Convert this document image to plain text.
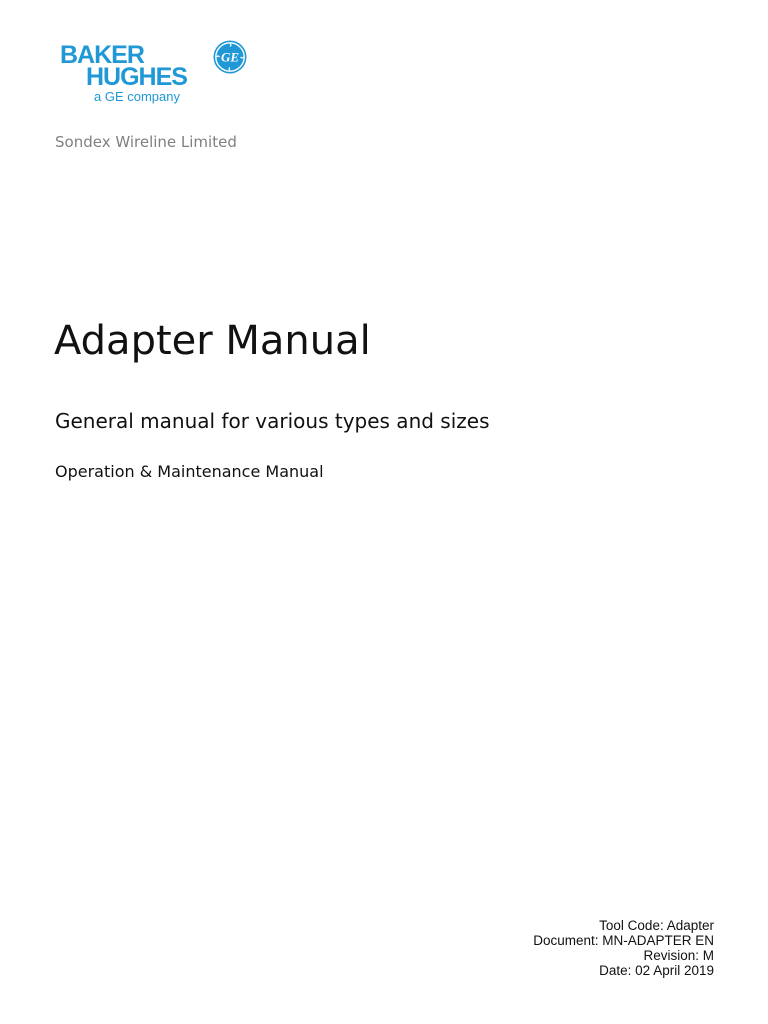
BAKER
HUGHES
a GE company
GE
Sondex Wireline Limited
Adapter Manual
General manual for various types and sizes
Operation & Maintenance Manual
Tool Code: Adapter
Document: MN-ADAPTER EN
Revision: M
Date: 02 April 2019
